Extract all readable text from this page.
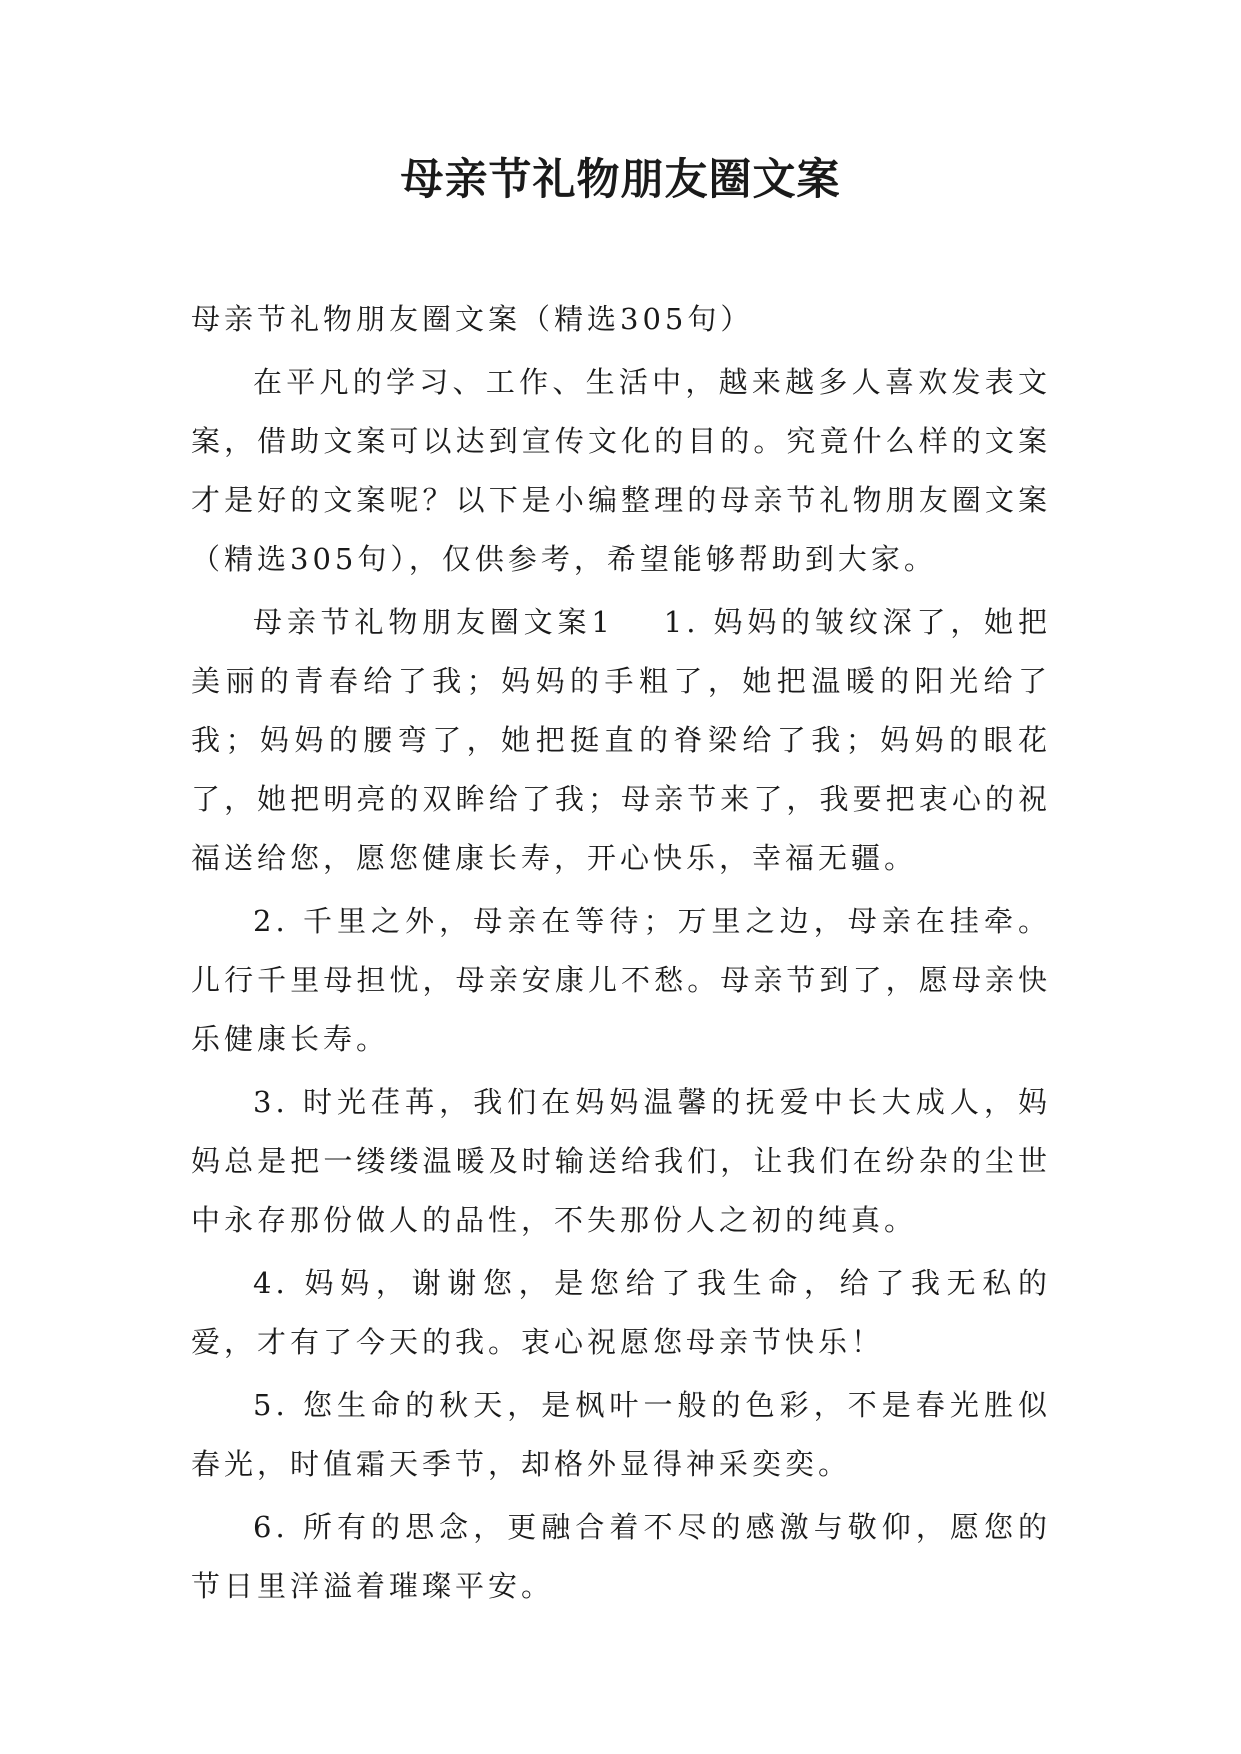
母亲节礼物朋友圈文案

母亲节礼物朋友圈文案（精选305句）

在平凡的学习、工作、生活中，越来越多人喜欢发表文案，借助文案可以达到宣传文化的目的。究竟什么样的文案才是好的文案呢？以下是小编整理的母亲节礼物朋友圈文案（精选305句），仅供参考，希望能够帮助到大家。

母亲节礼物朋友圈文案1 1. 妈妈的皱纹深了，她把美丽的青春给了我；妈妈的手粗了，她把温暖的阳光给了我；妈妈的腰弯了，她把挺直的脊梁给了我；妈妈的眼花了，她把明亮的双眸给了我；母亲节来了，我要把衷心的祝福送给您，愿您健康长寿，开心快乐，幸福无疆。

2. 千里之外，母亲在等待；万里之边，母亲在挂牵。儿行千里母担忧，母亲安康儿不愁。母亲节到了，愿母亲快乐健康长寿。

3. 时光荏苒，我们在妈妈温馨的抚爱中长大成人，妈妈总是把一缕缕温暖及时输送给我们，让我们在纷杂的尘世中永存那份做人的品性，不失那份人之初的纯真。

4. 妈妈，谢谢您，是您给了我生命，给了我无私的爱，才有了今天的我。衷心祝愿您母亲节快乐！

5. 您生命的秋天，是枫叶一般的色彩，不是春光胜似春光，时值霜天季节，却格外显得神采奕奕。

6. 所有的思念，更融合着不尽的感激与敬仰，愿您的节日里洋溢着璀璨平安。
